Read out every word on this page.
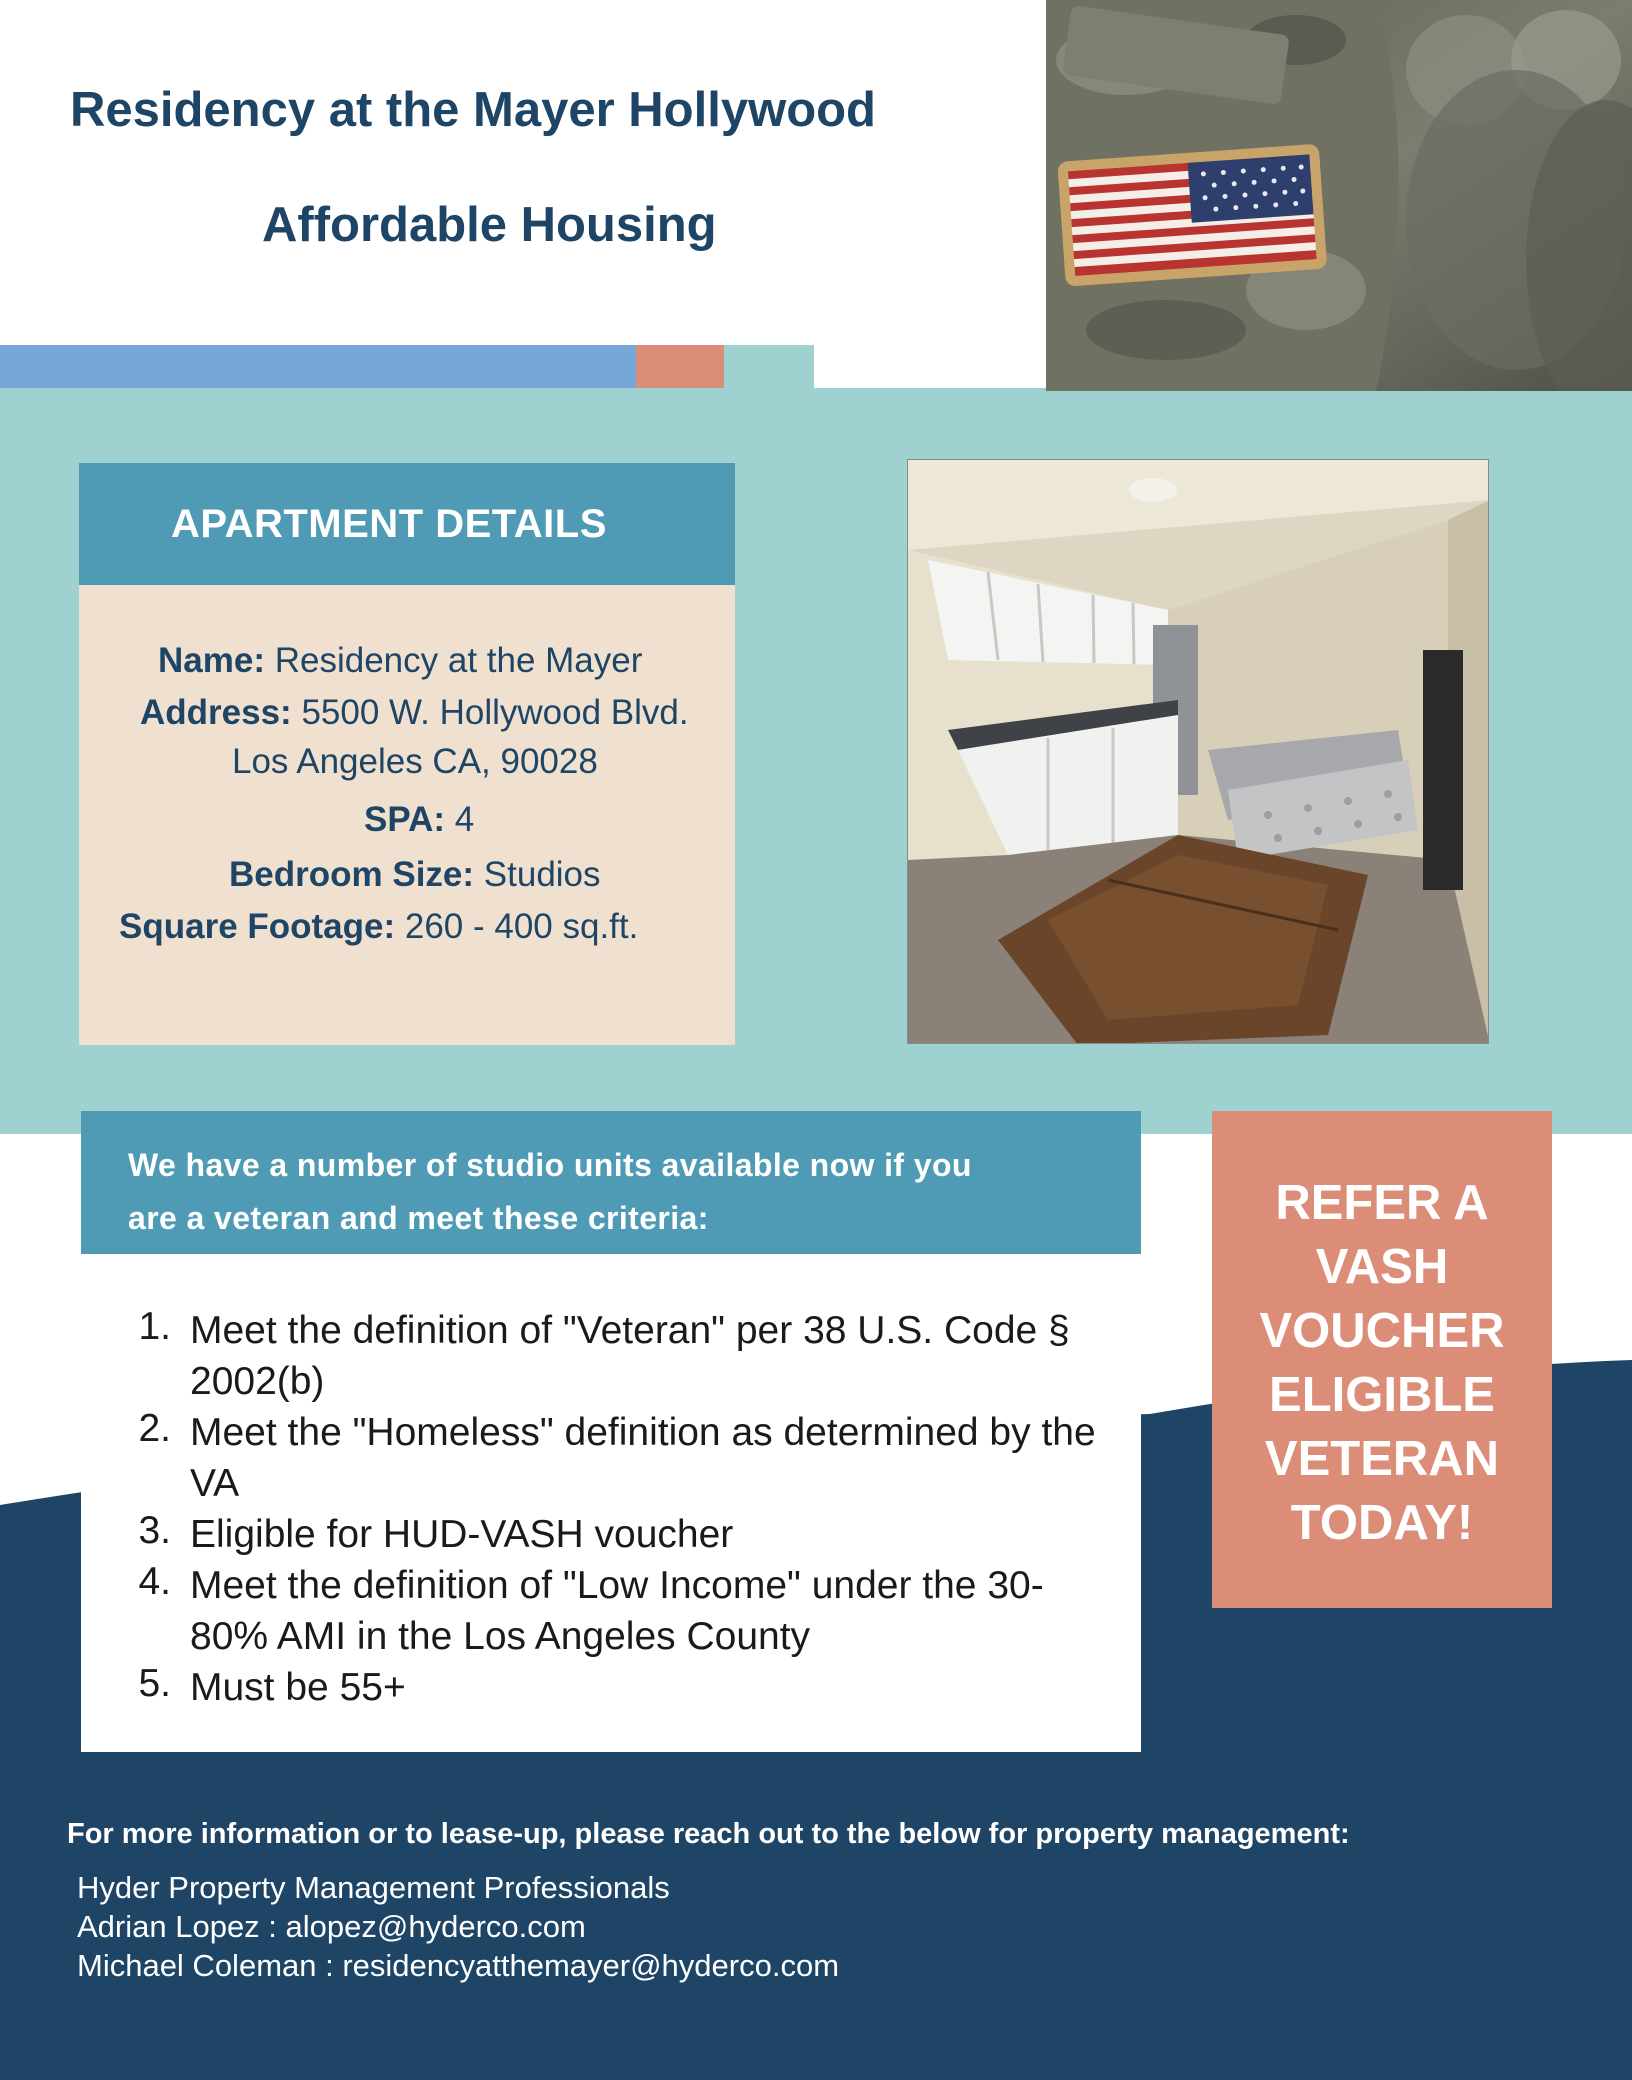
Residency at the Mayer Hollywood
Affordable Housing
APARTMENT DETAILS
Name: Residency at the Mayer
Address: 5500 W. Hollywood Blvd.
Los Angeles CA, 90028
SPA: 4
Bedroom Size: Studios
Square Footage: 260 - 400 sq.ft.
We have a number of studio units available now if you
are a veteran and meet these criteria:
1. Meet the definition of "Veteran" per 38 U.S. Code § 2002(b)
2. Meet the "Homeless" definition as determined by the VA
3. Eligible for HUD-VASH voucher
4. Meet the definition of "Low Income" under the 30-80% AMI in the Los Angeles County
5. Must be 55+
REFER A
VASH
VOUCHER
ELIGIBLE
VETERAN
TODAY!
For more information or to lease-up, please reach out to the below for property management:
Hyder Property Management Professionals
Adrian Lopez : alopez@hyderco.com
Michael Coleman : residencyatthemayer@hyderco.com
